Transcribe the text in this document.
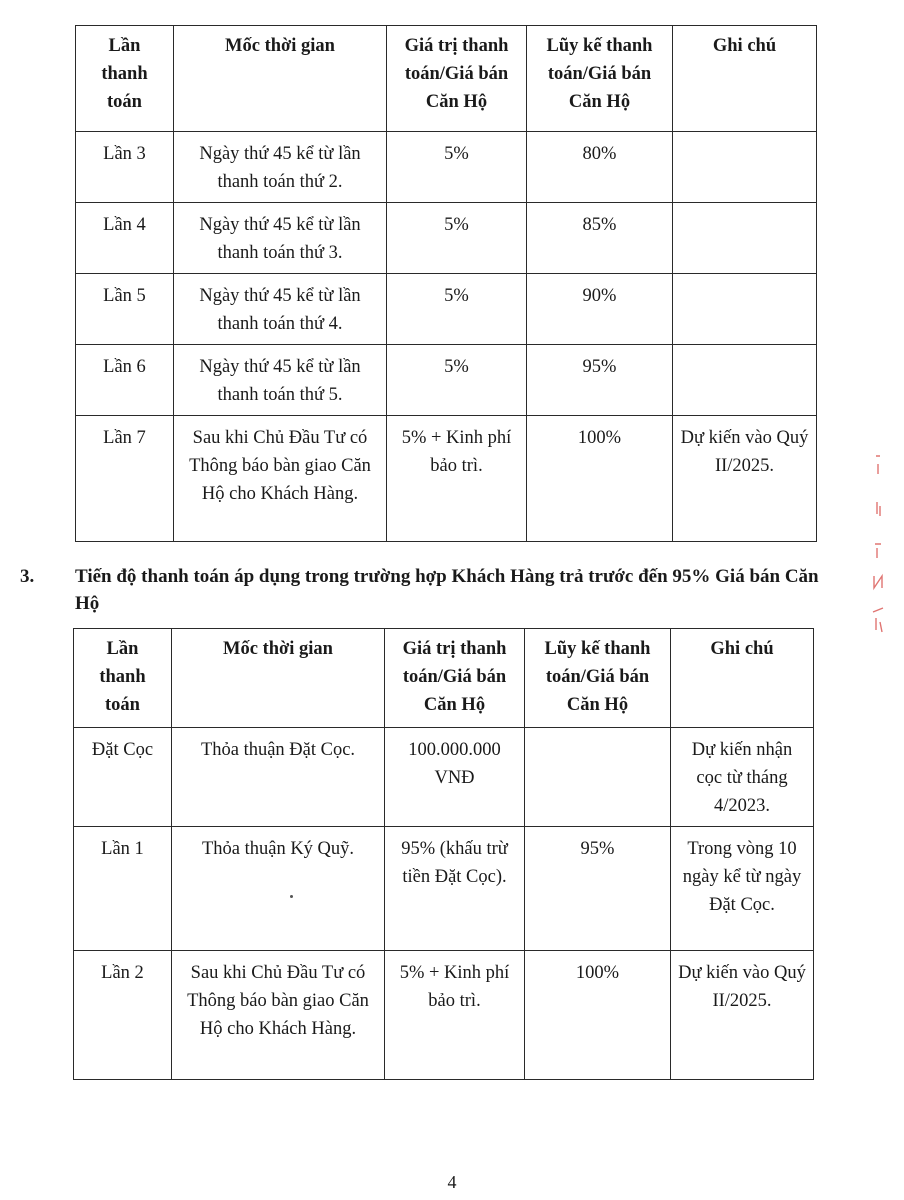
Lần thanh toán	Mốc thời gian	Giá trị thanh toán/Giá bán Căn Hộ	Lũy kế thanh toán/Giá bán Căn Hộ	Ghi chú
Lần 3	Ngày thứ 45 kể từ lần thanh toán thứ 2.	5%	80%	
Lần 4	Ngày thứ 45 kể từ lần thanh toán thứ 3.	5%	85%	
Lần 5	Ngày thứ 45 kể từ lần thanh toán thứ 4.	5%	90%	
Lần 6	Ngày thứ 45 kể từ lần thanh toán thứ 5.	5%	95%	
Lần 7	Sau khi Chủ Đầu Tư có Thông báo bàn giao Căn Hộ cho Khách Hàng.	5% + Kinh phí bảo trì.	100%	Dự kiến vào Quý II/2025.
3. Tiến độ thanh toán áp dụng trong trường hợp Khách Hàng trả trước đến 95% Giá bán Căn Hộ
Lần thanh toán	Mốc thời gian	Giá trị thanh toán/Giá bán Căn Hộ	Lũy kế thanh toán/Giá bán Căn Hộ	Ghi chú
Đặt Cọc	Thỏa thuận Đặt Cọc.	100.000.000 VNĐ		Dự kiến nhận cọc từ tháng 4/2023.
Lần 1	Thỏa thuận Ký Quỹ.	95% (khấu trừ tiền Đặt Cọc).	95%	Trong vòng 10 ngày kể từ ngày Đặt Cọc.
Lần 2	Sau khi Chủ Đầu Tư có Thông báo bàn giao Căn Hộ cho Khách Hàng.	5% + Kinh phí bảo trì.	100%	Dự kiến vào Quý II/2025.
4
